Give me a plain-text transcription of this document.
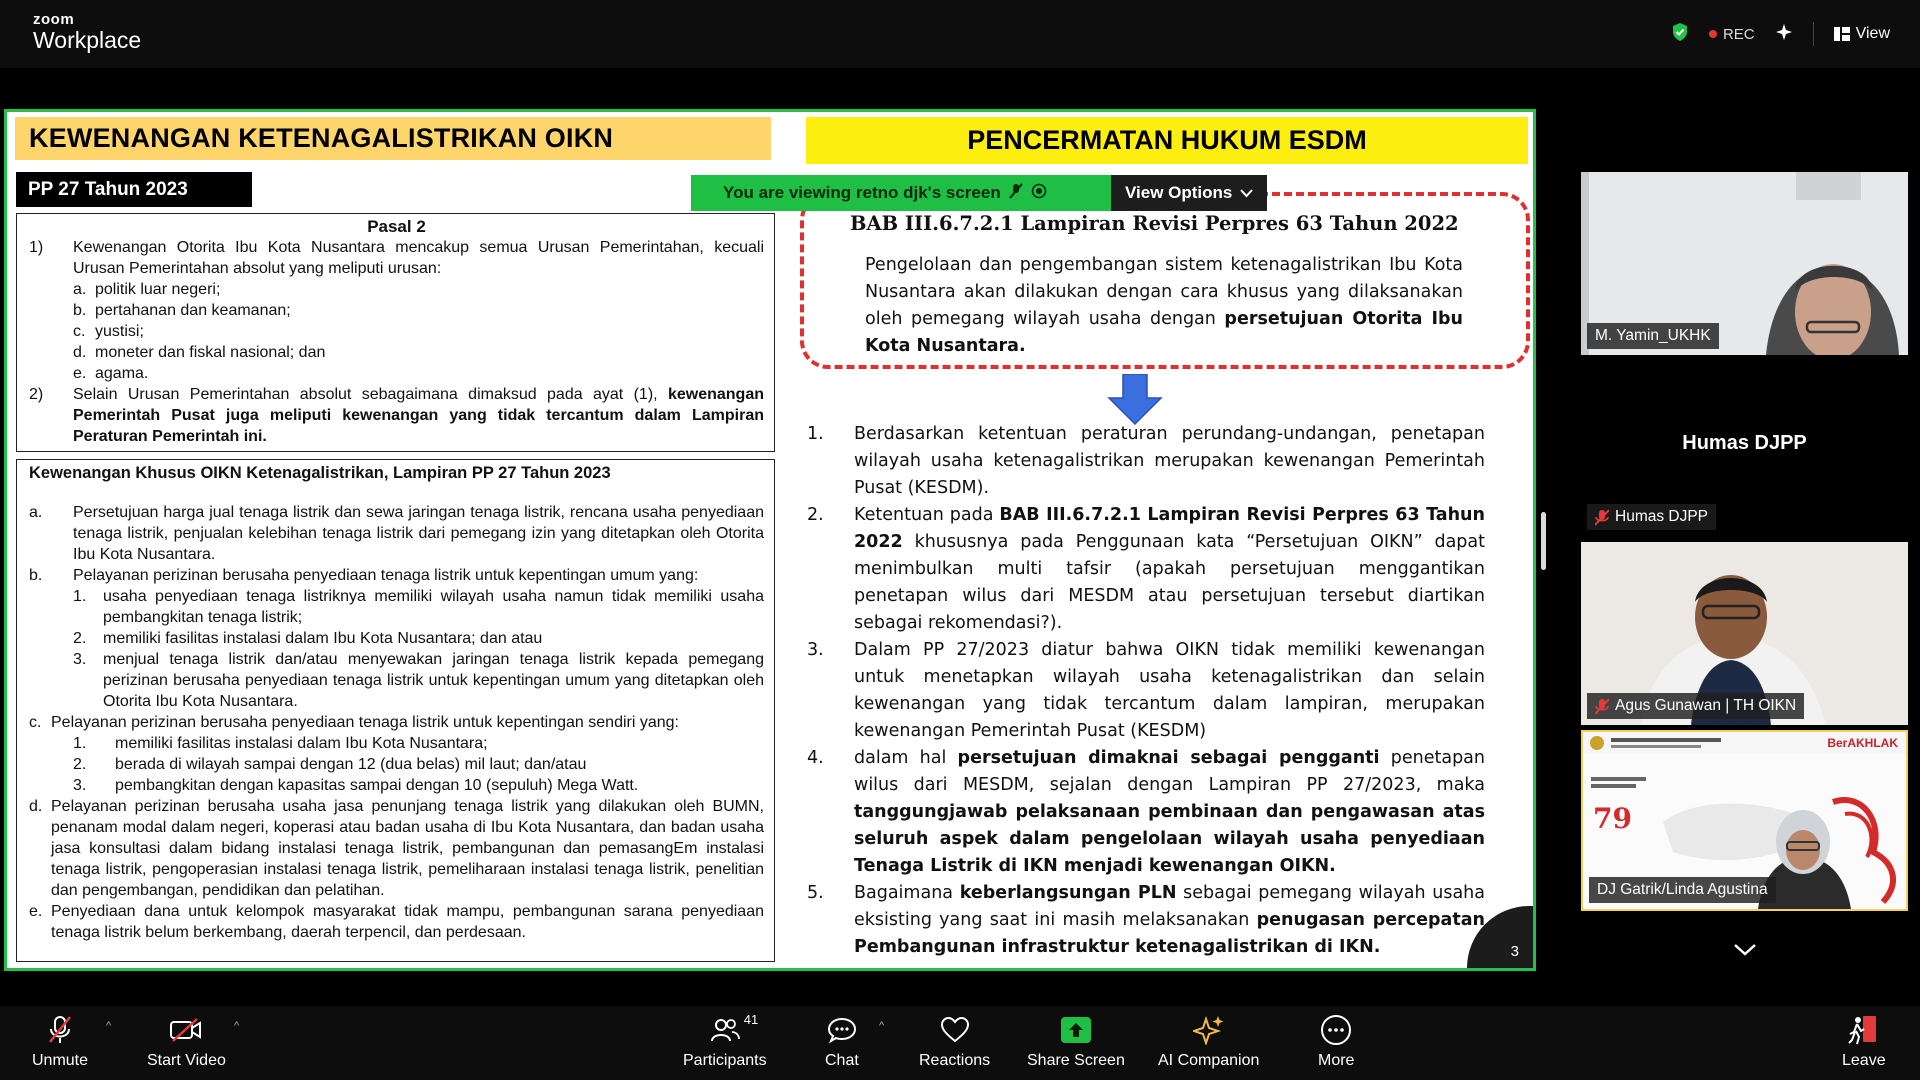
zoom
Workplace	REC	View
You are viewing retno djk's screen	View Options
KEWENANGAN KETENAGALISTRIKAN OIKN
PP 27 Tahun 2023
Pasal 2
1)	Kewenangan Otorita Ibu Kota Nusantara mencakup semua Urusan Pemerintahan, kecuali Urusan Pemerintahan absolut yang meliputi urusan:
a. politik luar negeri;
b. pertahanan dan keamanan;
c. yustisi;
d. moneter dan fiskal nasional; dan
e. agama.
2)	Selain Urusan Pemerintahan absolut sebagaimana dimaksud pada ayat (1), kewenangan Pemerintah Pusat juga meliputi kewenangan yang tidak tercantum dalam Lampiran Peraturan Pemerintah ini.
Kewenangan Khusus OIKN Ketenagalistrikan, Lampiran PP 27 Tahun 2023
a.	Persetujuan harga jual tenaga listrik dan sewa jaringan tenaga listrik, rencana usaha penyediaan tenaga listrik, penjualan kelebihan tenaga listrik dari pemegang izin yang ditetapkan oleh Otorita Ibu Kota Nusantara.
b.	Pelayanan perizinan berusaha penyediaan tenaga listrik untuk kepentingan umum yang:
1.	usaha penyediaan tenaga listriknya memiliki wilayah usaha namun tidak memiliki usaha pembangkitan tenaga listrik;
2.	memiliki fasilitas instalasi dalam Ibu Kota Nusantara; dan atau
3.	menjual tenaga listrik dan/atau menyewakan jaringan tenaga listrik kepada pemegang perizinan berusaha penyediaan tenaga listrik untuk kepentingan umum yang ditetapkan oleh Otorita Ibu Kota Nusantara.
c. Pelayanan perizinan berusaha penyediaan tenaga listrik untuk kepentingan sendiri yang:
1.	memiliki fasilitas instalasi dalam Ibu Kota Nusantara;
2.	berada di wilayah sampai dengan 12 (dua belas) mil laut; dan/atau
3.	pembangkitan dengan kapasitas sampai dengan 10 (sepuluh) Mega Watt.
d. Pelayanan perizinan berusaha usaha jasa penunjang tenaga listrik yang dilakukan oleh BUMN, penanam modal dalam negeri, koperasi atau badan usaha di Ibu Kota Nusantara, dan badan usaha jasa konsultasi dalam bidang instalasi tenaga listrik, pembangunan dan pemasangEm instalasi tenaga listrik, pengoperasian instalasi tenaga listrik, pemeliharaan instalasi tenaga listrik, penelitian dan pengembangan, pendidikan dan pelatihan.
e. Penyediaan dana untuk kelompok masyarakat tidak mampu, pembangunan sarana penyediaan tenaga listrik belum berkembang, daerah terpencil, dan perdesaan.
PENCERMATAN HUKUM ESDM
BAB III.6.7.2.1 Lampiran Revisi Perpres 63 Tahun 2022
Pengelolaan dan pengembangan sistem ketenagalistrikan Ibu Kota Nusantara akan dilakukan dengan cara khusus yang dilaksanakan oleh pemegang wilayah usaha dengan persetujuan Otorita Ibu Kota Nusantara.
1.	Berdasarkan ketentuan peraturan perundang-undangan, penetapan wilayah usaha ketenagalistrikan merupakan kewenangan Pemerintah Pusat (KESDM).
2.	Ketentuan pada BAB III.6.7.2.1 Lampiran Revisi Perpres 63 Tahun 2022 khususnya pada Penggunaan kata “Persetujuan OIKN” dapat menimbulkan multi tafsir (apakah persetujuan menggantikan penetapan wilus dari MESDM atau persetujuan tersebut diartikan sebagai rekomendasi?).
3.	Dalam PP 27/2023 diatur bahwa OIKN tidak memiliki kewenangan untuk menetapkan wilayah usaha ketenagalistrikan dan selain kewenangan yang tidak tercantum dalam lampiran, merupakan kewenangan Pemerintah Pusat (KESDM)
4.	dalam hal persetujuan dimaknai sebagai pengganti penetapan wilus dari MESDM, sejalan dengan Lampiran PP 27/2023, maka tanggungjawab pelaksanaan pembinaan dan pengawasan atas seluruh aspek dalam pengelolaan wilayah usaha penyediaan Tenaga Listrik di IKN menjadi kewenangan OIKN.
5.	Bagaimana keberlangsungan PLN sebagai pemegang wilayah usaha eksisting yang saat ini masih melaksanakan penugasan percepatan Pembangunan infrastruktur ketenagalistrikan di IKN.	3
M. Yamin_UKHK
Humas DJPP
Humas DJPP
Agus Gunawan | TH OIKN
BerAKHLAK
79
DJ Gatrik/Linda Agustina
Unmute
^
Start Video
^	41
Participants	Chat
^
Reactions Share Screen AI Companion	More	Leave
